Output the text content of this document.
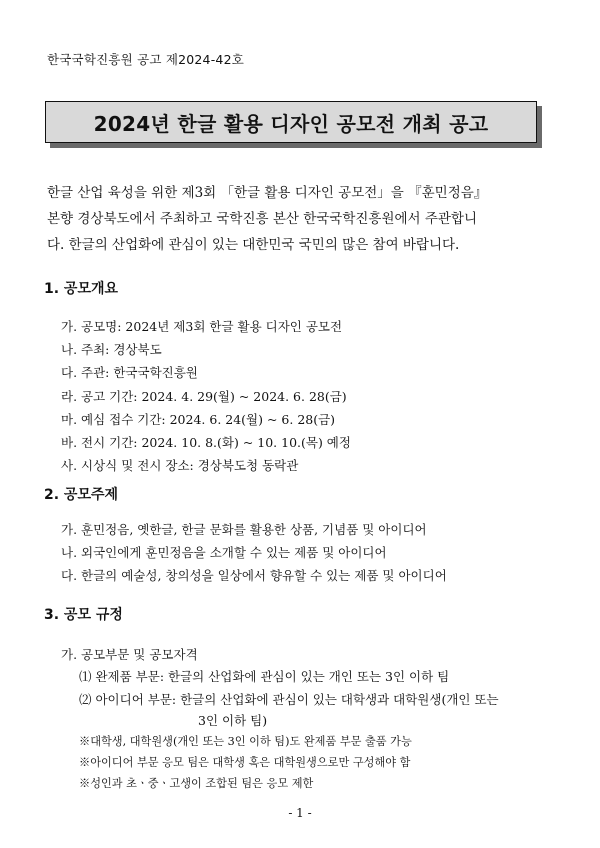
한국국학진흥원 공고 제2024-42호
2024년 한글 활용 디자인 공모전 개최 공고

한글 산업 육성을 위한 제3회 「한글 활용 디자인 공모전」을 『훈민정음』

본향 경상북도에서 주최하고 국학진흥 본산 한국국학진흥원에서 주관합니

다. 한글의 산업화에 관심이 있는 대한민국 국민의 많은 참여 바랍니다.

1. 공모개요
가. 공모명: 2024년 제3회 한글 활용 디자인 공모전
나. 주최: 경상북도
다. 주관: 한국국학진흥원
라. 공고 기간: 2024. 4. 29(월) ~ 2024. 6. 28(금)
마. 예심 접수 기간: 2024. 6. 24(월) ~ 6. 28(금)
바. 전시 기간: 2024. 10. 8.(화) ~ 10. 10.(목) 예정
사. 시상식 및 전시 장소: 경상북도청 동락관
2. 공모주제
가. 훈민정음, 옛한글, 한글 문화를 활용한 상품, 기념품 및 아이디어
나. 외국인에게 훈민정음을 소개할 수 있는 제품 및 아이디어
다. 한글의 예술성, 창의성을 일상에서 향유할 수 있는 제품 및 아이디어
3. 공모 규정
가. 공모부문 및 공모자격
⑴ 완제품 부문: 한글의 산업화에 관심이 있는 개인 또는 3인 이하 팀
⑵ 아이디어 부문: 한글의 산업화에 관심이 있는 대학생과 대학원생(개인 또는
3인 이하 팀)
※대학생, 대학원생(개인 또는 3인 이하 팀)도 완제품 부문 출품 가능
※아이디어 부문 응모 팀은 대학생 혹은 대학원생으로만 구성해야 함
※성인과 초ㆍ중ㆍ고생이 조합된 팀은 응모 제한
- 1 -
